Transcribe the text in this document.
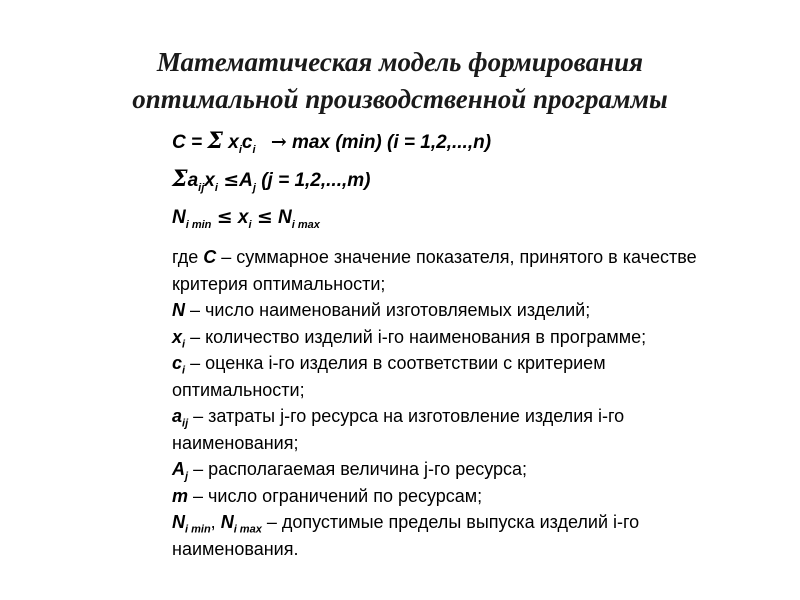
Математическая модель формирования
оптимальной производственной программы
C = Σ $x_ic_i \to \max (\min) (i = 1,2,...,n)$
$\Sigma a_{ij}x_i \le A_j$ (j = 1,2,...,m)
$N_{i min} \le x_i \le N_{i max}$
где C – суммарное значение показателя, принятого в качестве
критерия оптимальности;
N – число наименований изготовляемых изделий;
$x_i$ – количество изделий i-го наименования в программе;
$c_i$ – оценка i-го изделия в соответствии с критерием
оптимальности;
$a_{ij}$ – затраты j-го ресурса на изготовление изделия i-го
наименования;
$A_j$ – располагаемая величина j-го ресурса;
m – число ограничений по ресурсам;
$N_{i min}$, $N_{i max}$ – допустимые пределы выпуска изделий i-го
наименования.
